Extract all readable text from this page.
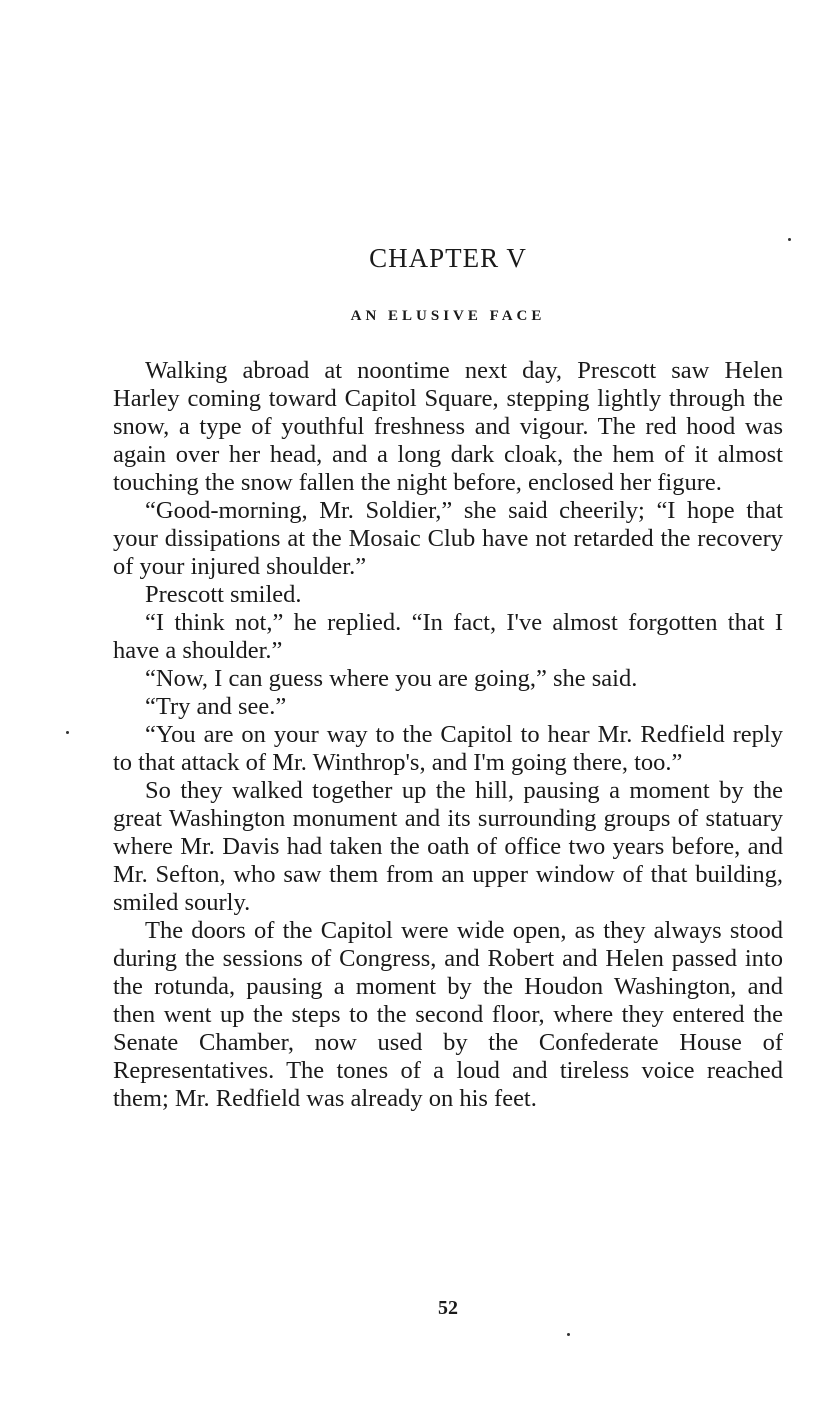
CHAPTER V
AN ELUSIVE FACE

Walking abroad at noontime next day, Prescott saw Helen Harley coming toward Capitol Square, stepping lightly through the snow, a type of youthful freshness and vigour. The red hood was again over her head, and a long dark cloak, the hem of it almost touching the snow fallen the night before, enclosed her figure.

“Good-morning, Mr. Soldier,” she said cheerily; “I hope that your dissipations at the Mosaic Club have not retarded the recovery of your injured shoulder.”

Prescott smiled.

“I think not,” he replied. “In fact, I've almost forgotten that I have a shoulder.”

“Now, I can guess where you are going,” she said.

“Try and see.”

“You are on your way to the Capitol to hear Mr. Redfield reply to that attack of Mr. Winthrop's, and I'm going there, too.”

So they walked together up the hill, pausing a moment by the great Washington monument and its surrounding groups of statuary where Mr. Davis had taken the oath of office two years before, and Mr. Sefton, who saw them from an upper window of that building, smiled sourly.

The doors of the Capitol were wide open, as they always stood during the sessions of Congress, and Robert and Helen passed into the rotunda, pausing a moment by the Houdon Washington, and then went up the steps to the second floor, where they entered the Senate Chamber, now used by the Confederate House of Representatives. The tones of a loud and tireless voice reached them; Mr. Redfield was already on his feet.

52
